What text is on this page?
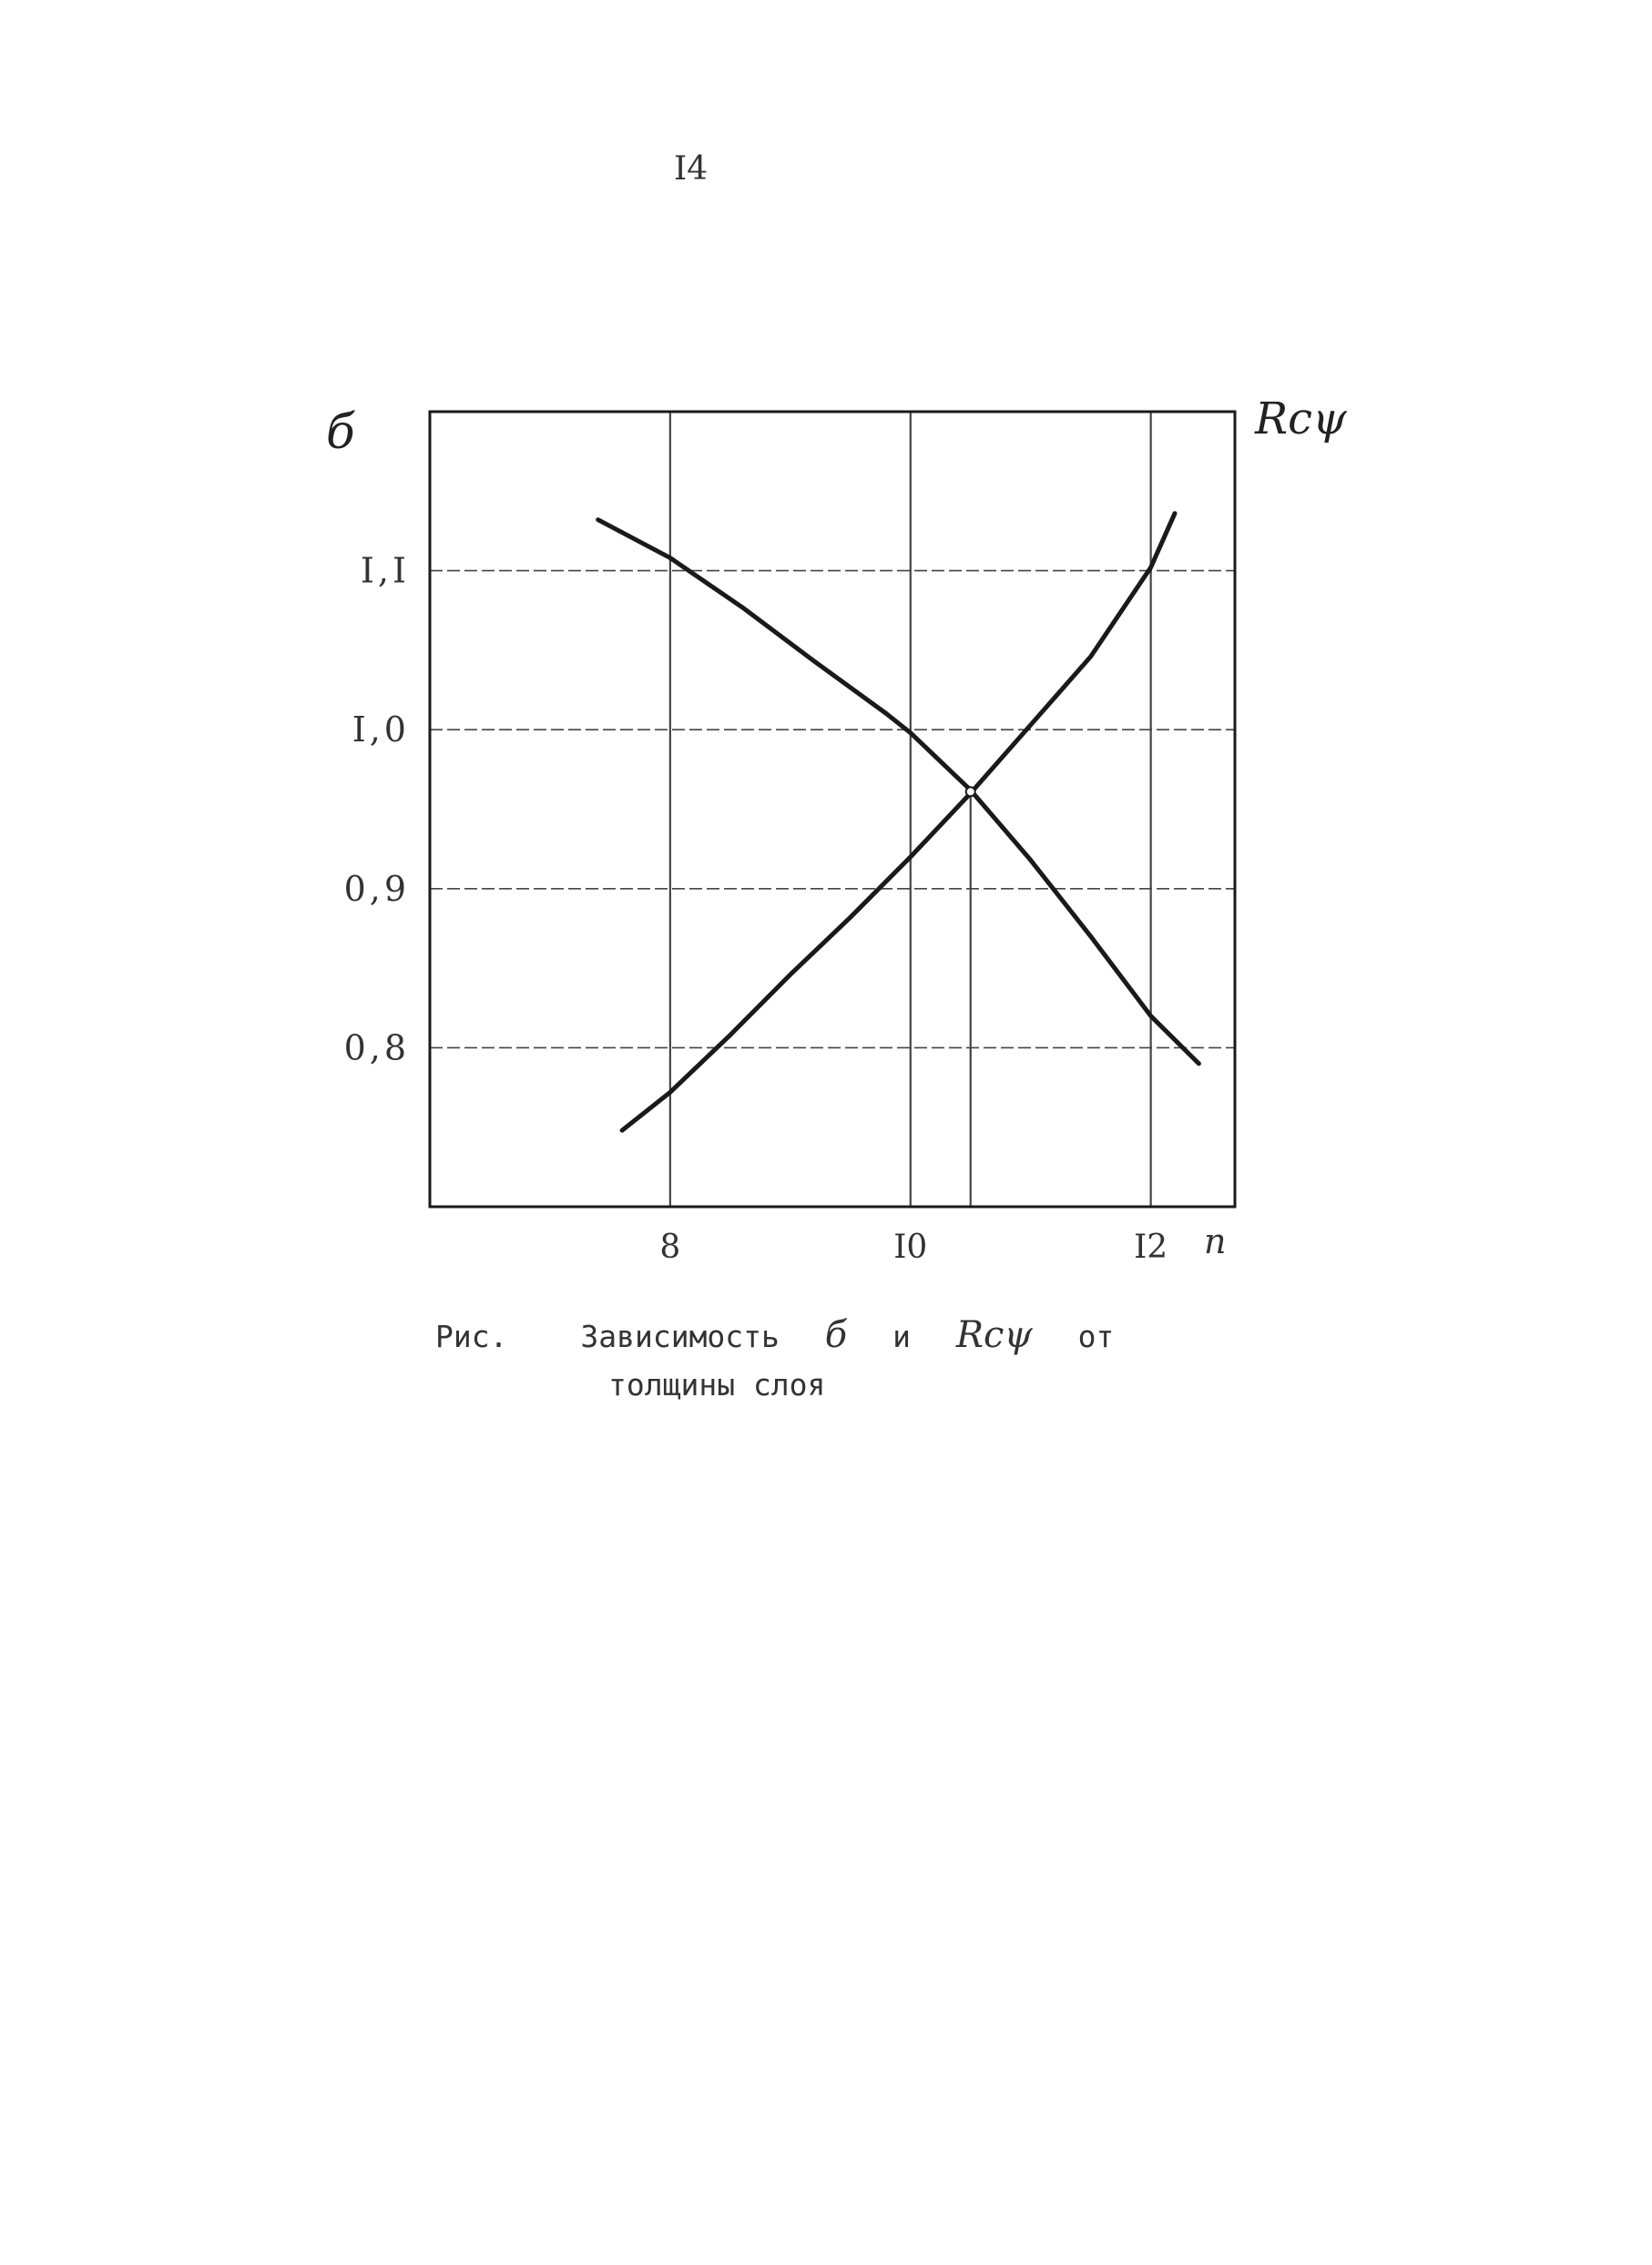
I4
8	I0	I2
0,8
0,9
I,0
I,I
б	Rcψ
n
Рис. Зависимость б и Rcψ от
толщины слоя
